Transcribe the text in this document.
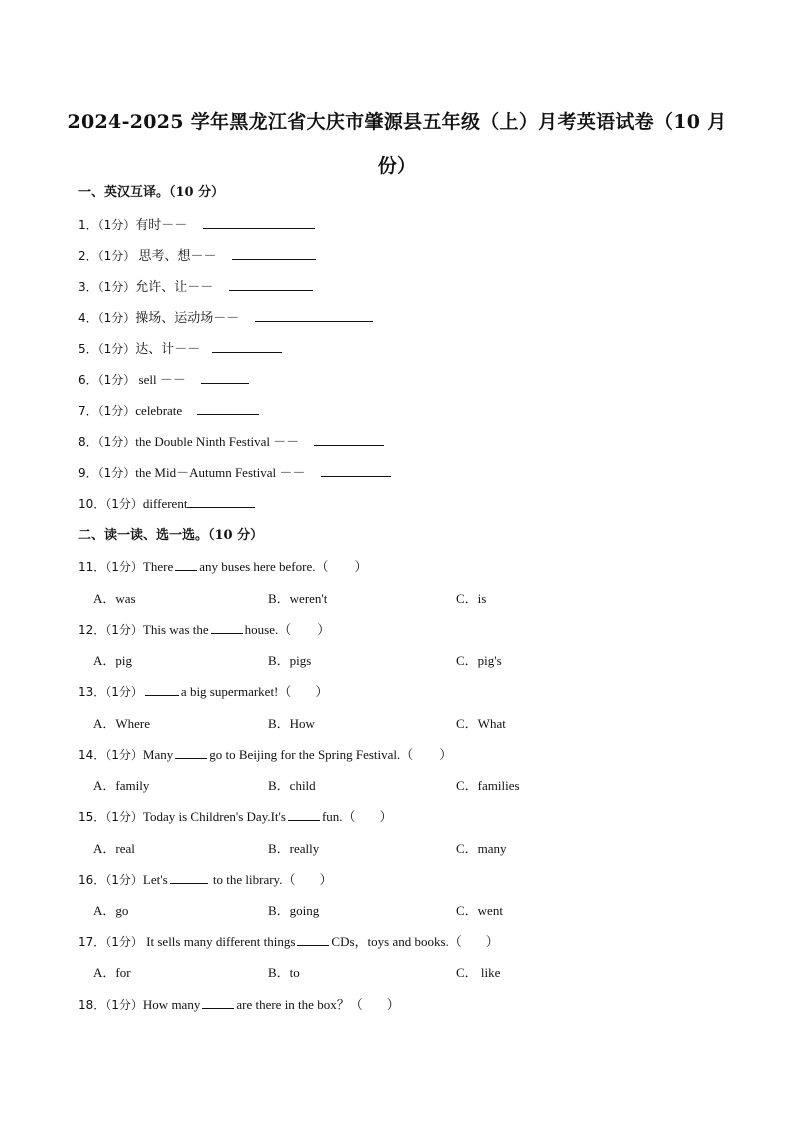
2024-2025 学年黑龙江省大庆市肇源县五年级（上）月考英语试卷（10 月
份）
一、英汉互译。（10 分）
1．（1分）有时－－
2．（1分） 思考、想－－
3．（1分）允许、让－－
4．（1分）操场、运动场－－
5．（1分）达、计－－
6．（1分） sell －－
7．（1分）celebrate
8．（1分）the Double Ninth Festival －－
9．（1分）the Mid－Autumn Festival －－
10．（1分）different
二、读一读、选一选。（10 分）
11．（1分）There any buses here before.（ ）
A．was	B．weren't	C．is
12．（1分）This was the	house.（ ）
A．pig	B．pigs	C．pig's
13．（1分）	a big supermarket!（ ）
A．Where	B．How	C．What
14．（1分）Many	go to Beijing for the Spring Festival.（ ）
A．family	B．child	C．families
15．（1分）Today is Children's Day.It's	fun.（ ）
A．real	B．really	C．many
16．（1分）Let's	to the library.（ ）
A．go	B．going	C．went
17．（1分） It sells many different things	CDs，toys and books.（ ）
A．for	B．to	C． like
18．（1分）How many	are there in the box？（ ）
